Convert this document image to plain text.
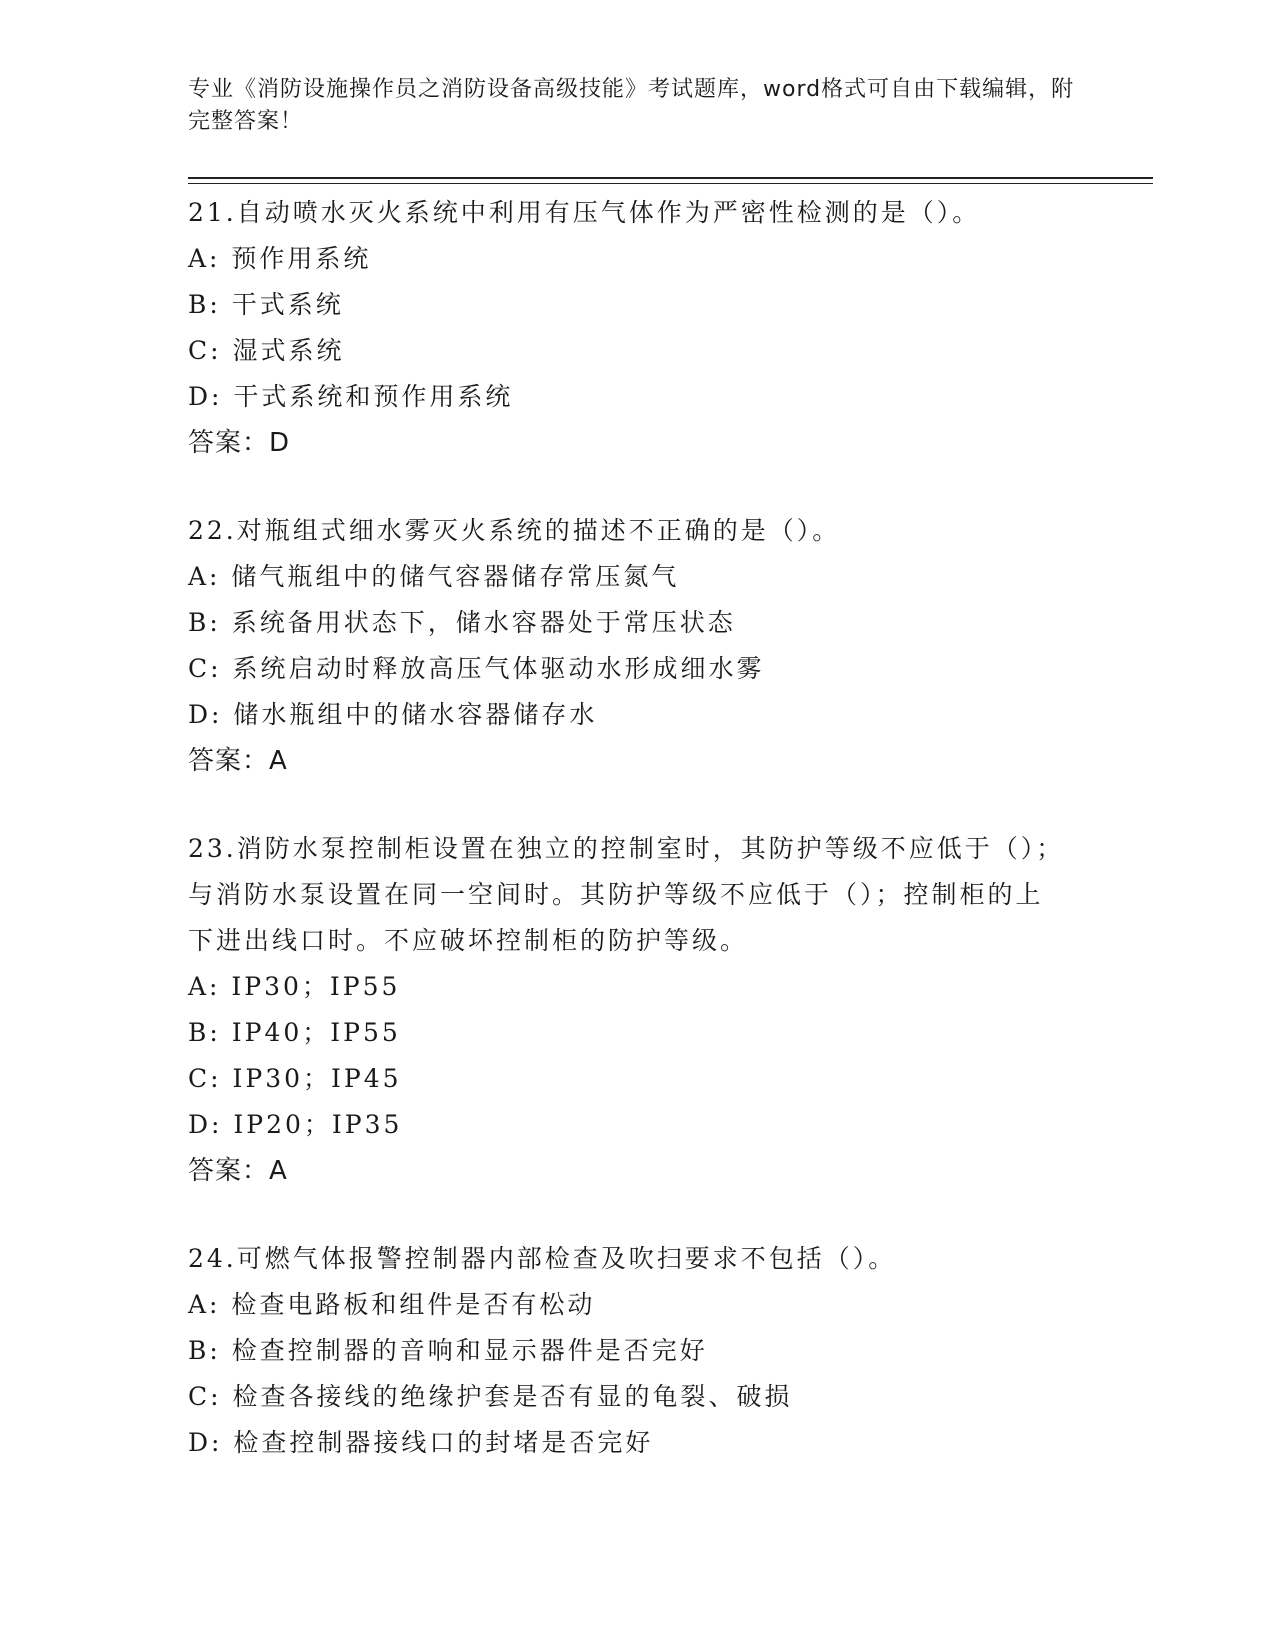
专业《消防设施操作员之消防设备高级技能》考试题库，word格式可自由下载编辑，附完整答案！
21.自动喷水灭火系统中利用有压气体作为严密性检测的是（）。
A: 预作用系统
B: 干式系统
C: 湿式系统
D: 干式系统和预作用系统
答案：D
22.对瓶组式细水雾灭火系统的描述不正确的是（）。
A: 储气瓶组中的储气容器储存常压氮气
B: 系统备用状态下，储水容器处于常压状态
C: 系统启动时释放高压气体驱动水形成细水雾
D: 储水瓶组中的储水容器储存水
答案：A
23.消防水泵控制柜设置在独立的控制室时，其防护等级不应低于（）；与消防水泵设置在同一空间时。其防护等级不应低于（）；控制柜的上下进出线口时。不应破坏控制柜的防护等级。
A: IP30；IP55
B: IP40；IP55
C: IP30；IP45
D: IP20；IP35
答案：A
24.可燃气体报警控制器内部检查及吹扫要求不包括（）。
A: 检查电路板和组件是否有松动
B: 检查控制器的音响和显示器件是否完好
C: 检查各接线的绝缘护套是否有显的龟裂、破损
D: 检查控制器接线口的封堵是否完好
